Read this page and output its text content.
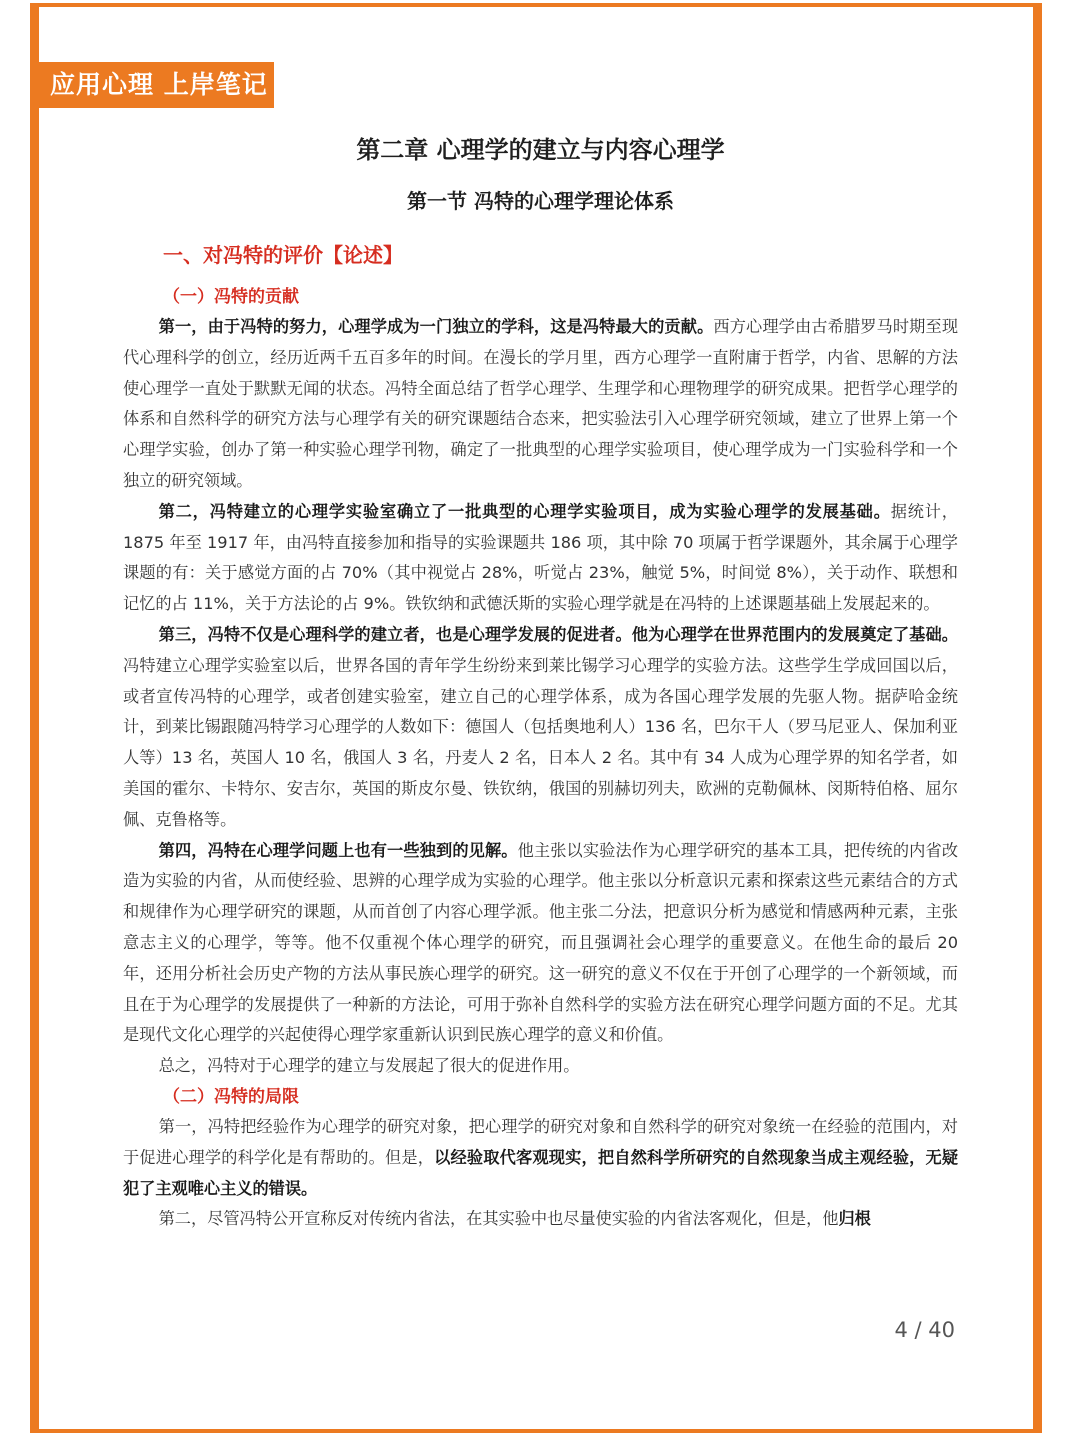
应用心理 上岸笔记
第二章 心理学的建立与内容心理学
第一节 冯特的心理学理论体系
一、对冯特的评价【论述】
（一）冯特的贡献

第一，由于冯特的努力，心理学成为一门独立的学科，这是冯特最大的贡献。西方心理学由古希腊罗马时期至现代心理科学的创立，经历近两千五百多年的时间。在漫长的学月里，西方心理学一直附庸于哲学，内省、思解的方法使心理学一直处于默默无闻的状态。冯特全面总结了哲学心理学、生理学和心理物理学的研究成果。把哲学心理学的体系和自然科学的研究方法与心理学有关的研究课题结合态来，把实验法引入心理学研究领域，建立了世界上第一个心理学实验，创办了第一种实验心理学刊物，确定了一批典型的心理学实验项目，使心理学成为一门实验科学和一个独立的研究领域。

第二，冯特建立的心理学实验室确立了一批典型的心理学实验项目，成为实验心理学的发展基础。据统计，1875 年至 1917 年，由冯特直接参加和指导的实验课题共 186 项，其中除 70 项属于哲学课题外，其余属于心理学课题的有：关于感觉方面的占 70%（其中视觉占 28%，听觉占 23%，触觉 5%，时间觉 8%），关于动作、联想和记忆的占 11%，关于方法论的占 9%。铁钦纳和武德沃斯的实验心理学就是在冯特的上述课题基础上发展起来的。

第三，冯特不仅是心理科学的建立者，也是心理学发展的促进者。他为心理学在世界范围内的发展奠定了基础。冯特建立心理学实验室以后，世界各国的青年学生纷纷来到莱比锡学习心理学的实验方法。这些学生学成回国以后，或者宣传冯特的心理学，或者创建实验室，建立自己的心理学体系，成为各国心理学发展的先驱人物。据萨哈金统计，到莱比锡跟随冯特学习心理学的人数如下：德国人（包括奥地利人）136 名，巴尔干人（罗马尼亚人、保加利亚人等）13 名，英国人 10 名，俄国人 3 名，丹麦人 2 名，日本人 2 名。其中有 34 人成为心理学界的知名学者，如美国的霍尔、卡特尔、安吉尔，英国的斯皮尔曼、铁钦纳，俄国的别赫切列夫，欧洲的克勒佩林、闵斯特伯格、屈尔佩、克鲁格等。

第四，冯特在心理学问题上也有一些独到的见解。他主张以实验法作为心理学研究的基本工具，把传统的内省改造为实验的内省，从而使经验、思辨的心理学成为实验的心理学。他主张以分析意识元素和探索这些元素结合的方式和规律作为心理学研究的课题，从而首创了内容心理学派。他主张二分法，把意识分析为感觉和情感两种元素，主张意志主义的心理学，等等。他不仅重视个体心理学的研究，而且强调社会心理学的重要意义。在他生命的最后 20 年，还用分析社会历史产物的方法从事民族心理学的研究。这一研究的意义不仅在于开创了心理学的一个新领域，而且在于为心理学的发展提供了一种新的方法论，可用于弥补自然科学的实验方法在研究心理学问题方面的不足。尤其是现代文化心理学的兴起使得心理学家重新认识到民族心理学的意义和价值。

总之，冯特对于心理学的建立与发展起了很大的促进作用。

（二）冯特的局限

第一，冯特把经验作为心理学的研究对象，把心理学的研究对象和自然科学的研究对象统一在经验的范围内，对于促进心理学的科学化是有帮助的。但是，以经验取代客观现实，把自然科学所研究的自然现象当成主观经验，无疑犯了主观唯心主义的错误。

第二，尽管冯特公开宣称反对传统内省法，在其实验中也尽量使实验的内省法客观化，但是，他归根

4 / 40
